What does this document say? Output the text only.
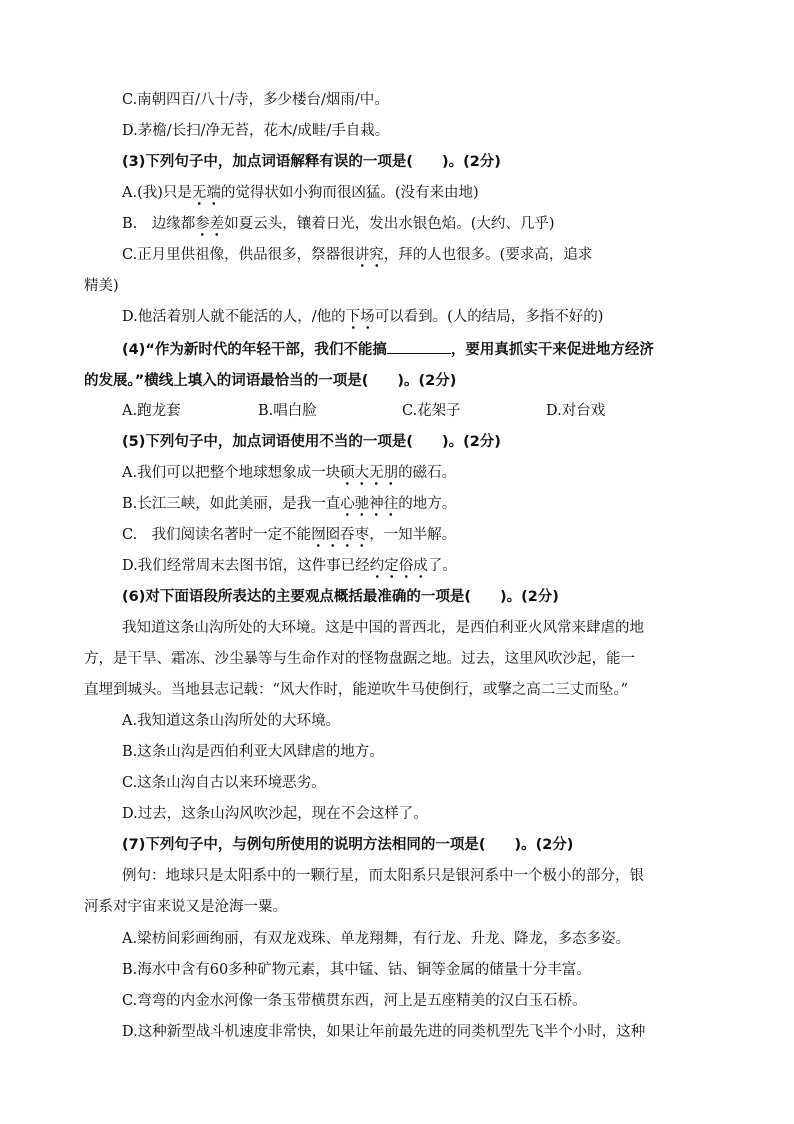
C.南朝四百/八十/寺，多少楼台/烟雨/中。
D.茅檐/长扫/净无苔，花木/成畦/手自栽。
(3)下列句子中，加点词语解释有误的一项是(　　)。(2分)
A.(我)只是无端的觉得状如小狗而很凶猛。(没有来由地)
B.　边缘都参差如夏云头，镶着日光，发出水银色焰。(大约、几乎)
C.正月里供祖像，供品很多，祭器很讲究，拜的人也很多。(要求高，追求
精美)
D.他活着别人就不能活的人，/他的下场可以看到。(人的结局，多指不好的)
(4)“作为新时代的年轻干部，我们不能搞	，要用真抓实干来促进地方经济
的发展。”横线上填入的词语最恰当的一项是(　　)。(2分)
A.跑龙套	B.唱白脸	C.花架子	D.对台戏
(5)下列句子中，加点词语使用不当的一项是(　　)。(2分)
A.我们可以把整个地球想象成一块硕大无朋的磁石。
B.长江三峡，如此美丽，是我一直心驰神往的地方。
C.　我们阅读名著时一定不能囫囵吞枣，一知半解。
D.我们经常周末去图书馆，这件事已经约定俗成了。
(6)对下面语段所表达的主要观点概括最准确的一项是(　　)。(2分)
我知道这条山沟所处的大环境。这是中国的晋西北，是西伯利亚火风常来肆虐的地
方，是干旱、霜冻、沙尘暴等与生命作对的怪物盘踞之地。过去，这里风吹沙起，能一
直埋到城头。当地县志记载：“风大作时，能逆吹牛马使倒行，或擎之高二三丈而坠。”
A.我知道这条山沟所处的大环境。
B.这条山沟是西伯利亚大风肆虐的地方。
C.这条山沟自古以来环境恶劣。
D.过去，这条山沟风吹沙起，现在不会这样了。
(7)下列句子中，与例句所使用的说明方法相同的一项是(　　)。(2分)
例句：地球只是太阳系中的一颗行星，而太阳系只是银河系中一个极小的部分，银
河系对宇宙来说又是沧海一粟。
A.梁枋间彩画绚丽，有双龙戏珠、单龙翔舞，有行龙、升龙、降龙，多态多姿。
B.海水中含有60多种矿物元素，其中锰、钴、铜等金属的储量十分丰富。
C.弯弯的内金水河像一条玉带横贯东西，河上是五座精美的汉白玉石桥。
D.这种新型战斗机速度非常快，如果让年前最先进的同类机型先飞半个小时，这种
